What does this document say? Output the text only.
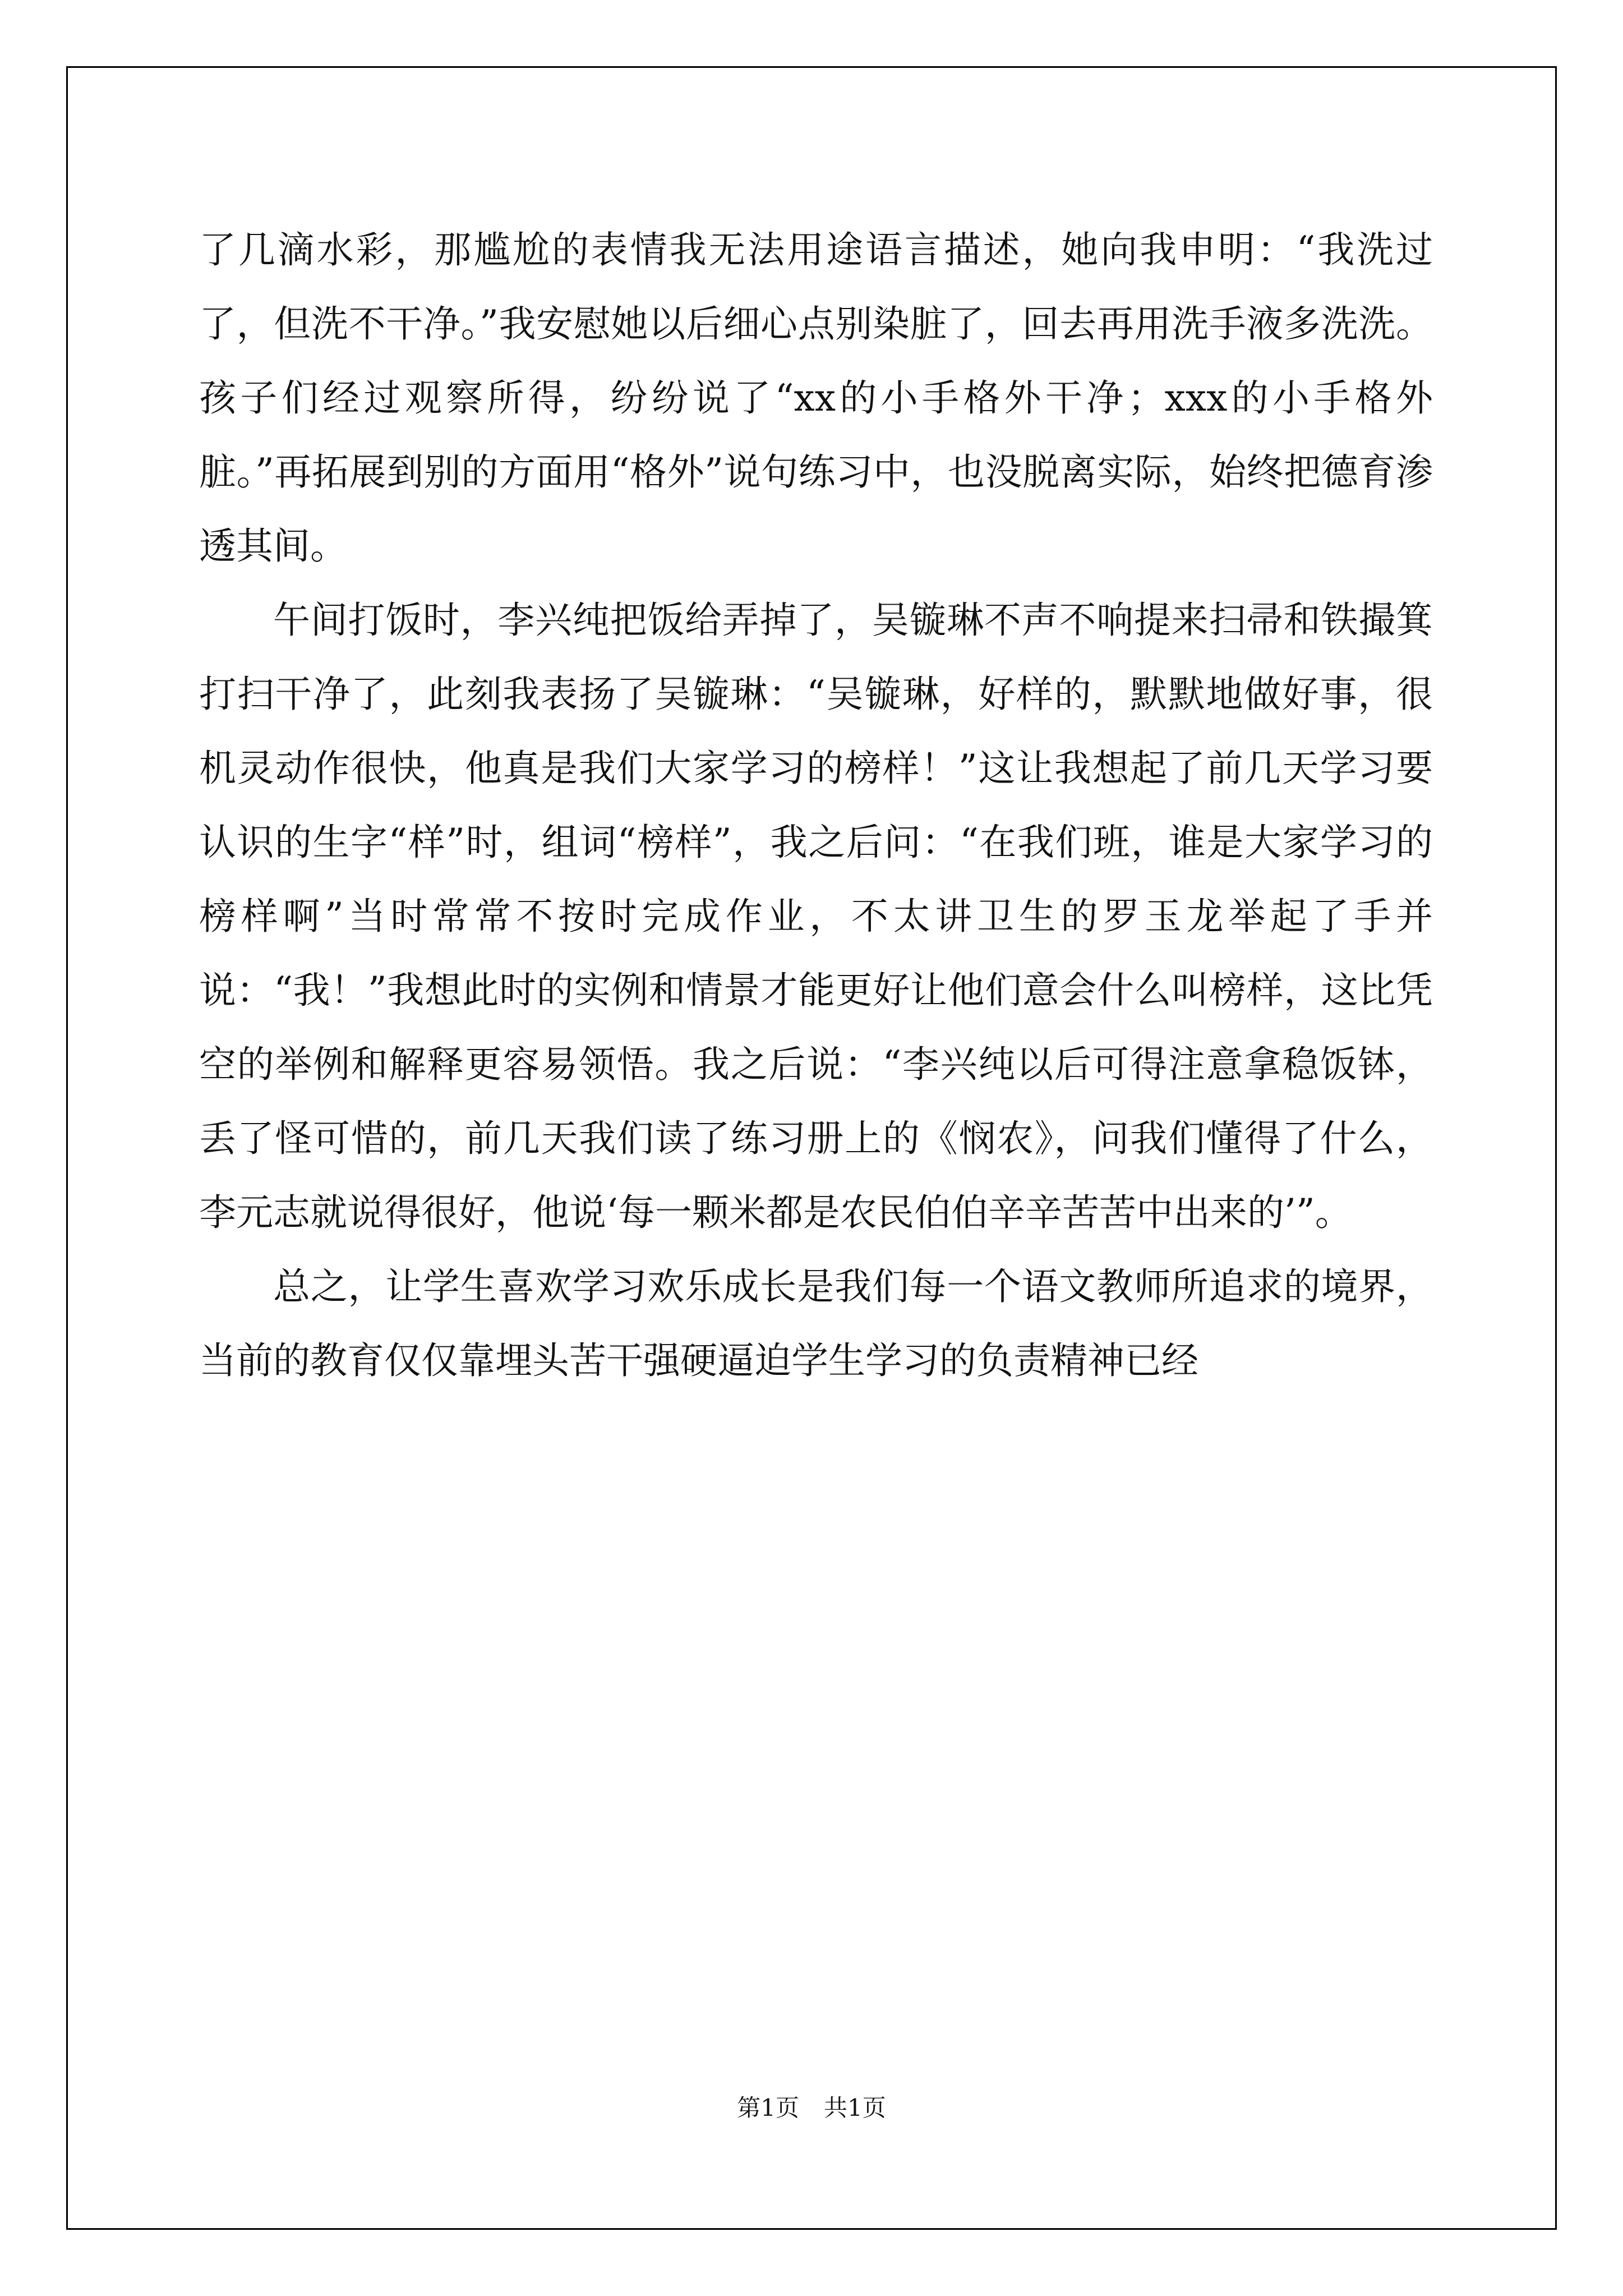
了几滴水彩，那尴尬的表情我无法用途语言描述，她向我申明：“我洗过了，但洗不干净。”我安慰她以后细心点别染脏了，回去再用洗手液多洗洗。孩子们经过观察所得，纷纷说了“xx的小手格外干净；xxx的小手格外脏。”再拓展到别的方面用“格外”说句练习中，也没脱离实际，始终把德育渗透其间。

午间打饭时，李兴纯把饭给弄掉了，吴镟琳不声不响提来扫帚和铁撮箕打扫干净了，此刻我表扬了吴镟琳：“吴镟琳，好样的，默默地做好事，很机灵动作很快，他真是我们大家学习的榜样！”这让我想起了前几天学习要认识的生字“样”时，组词“榜样”，我之后问：“在我们班，谁是大家学习的榜样啊”当时常常不按时完成作业，不太讲卫生的罗玉龙举起了手并说：“我！”我想此时的实例和情景才能更好让他们意会什么叫榜样，这比凭空的举例和解释更容易领悟。我之后说：“李兴纯以后可得注意拿稳饭钵，丢了怪可惜的，前几天我们读了练习册上的《悯农》，问我们懂得了什么，李元志就说得很好，他说‘每一颗米都是农民伯伯辛辛苦苦中出来的’”。

总之，让学生喜欢学习欢乐成长是我们每一个语文教师所追求的境界，当前的教育仅仅靠埋头苦干强硬逼迫学生学习的负责精神已经

第1页 共1页
